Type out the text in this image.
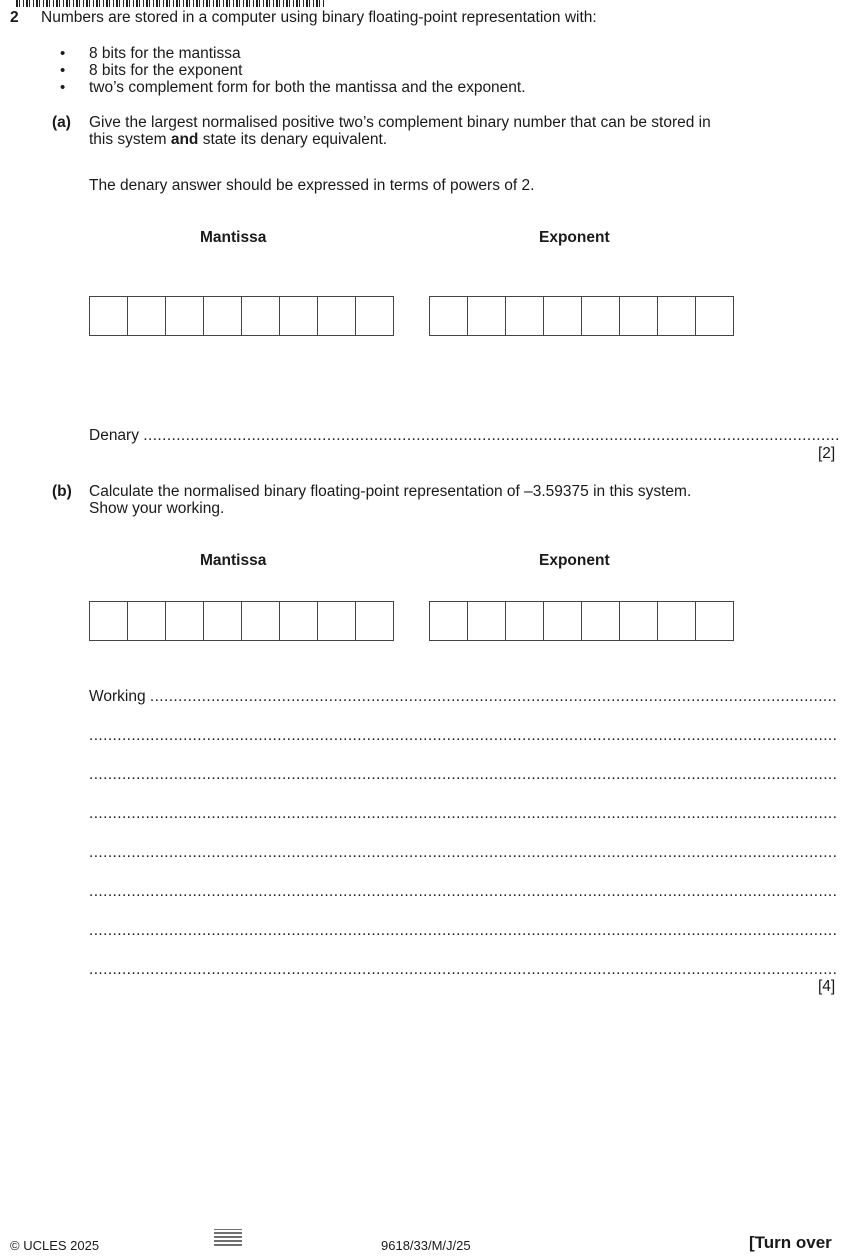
2 Numbers are stored in a computer using binary floating-point representation with:
• 8 bits for the mantissa
• 8 bits for the exponent
• two’s complement form for both the mantissa and the exponent.
(a) Give the largest normalised positive two’s complement binary number that can be stored in
this system and state its denary equivalent.
The denary answer should be expressed in terms of powers of 2.
Mantissa	Exponent
Denary .....
[2]
(b) Calculate the normalised binary floating-point representation of –3.59375 in this system.
Show your working.
Mantissa	Exponent
Working .....
.....
.....
.....
.....
.....
.....
.....
[4]
© UCLES 2025	9618/33/M/J/25	[Turn over
